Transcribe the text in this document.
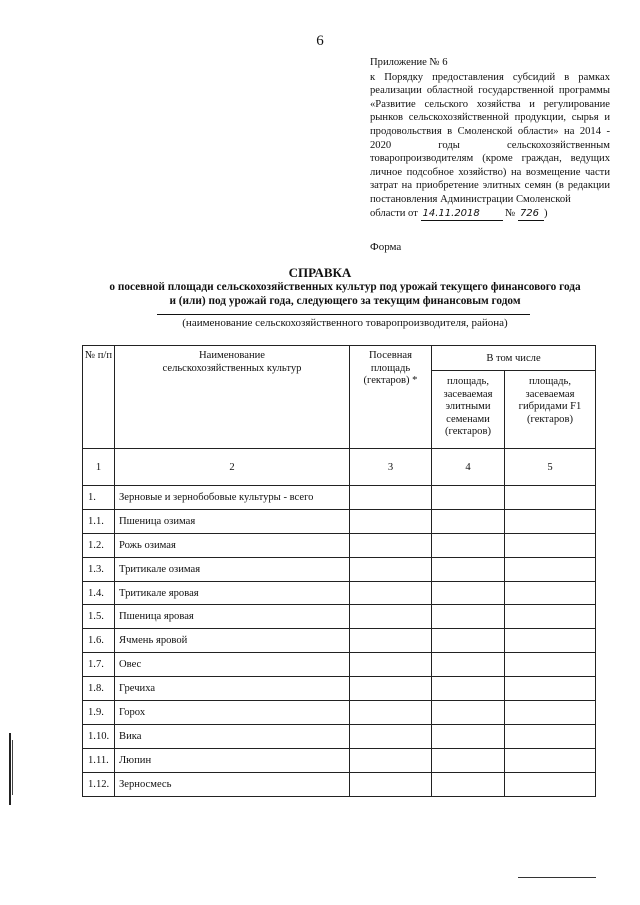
6
Приложение № 6
к Порядку предоставления субсидий в рамках реализации областной государственной программы «Развитие сельского хозяйства и регулирование рынков сельскохозяйственной продукции, сырья и продовольствия в Смоленской области» на 2014 - 2020 годы сельскохозяйственным товаропроизводителям (кроме граждан, ведущих личное подсобное хозяйство) на возмещение части затрат на приобретение элитных семян (в редакции постановления Администрации Смоленской
области от 14.11.2018 № 726 )
Форма
СПРАВКА
о посевной площади сельскохозяйственных культур под урожай текущего финансового года
и (или) под урожай года, следующего за текущим финансовым годом
(наименование сельскохозяйственного товаропроизводителя, района)
№ п/п	Наименование сельскохозяйственных культур	Посевная площадь (гектаров) *	В том числе	
			площадь, засеваемая элитными семенами (гектаров)	площадь, засеваемая гибридами F1 (гектаров)
1	2	3	4	5
1.	Зерновые и зернобобовые культуры - всего			
1.1.	Пшеница озимая			
1.2.	Рожь озимая			
1.3.	Тритикале озимая			
1.4.	Тритикале яровая			
1.5.	Пшеница яровая			
1.6.	Ячмень яровой			
1.7.	Овес			
1.8.	Гречиха			
1.9.	Горох			
1.10.	Вика			
1.11.	Люпин			
1.12.	Зерносмесь			
